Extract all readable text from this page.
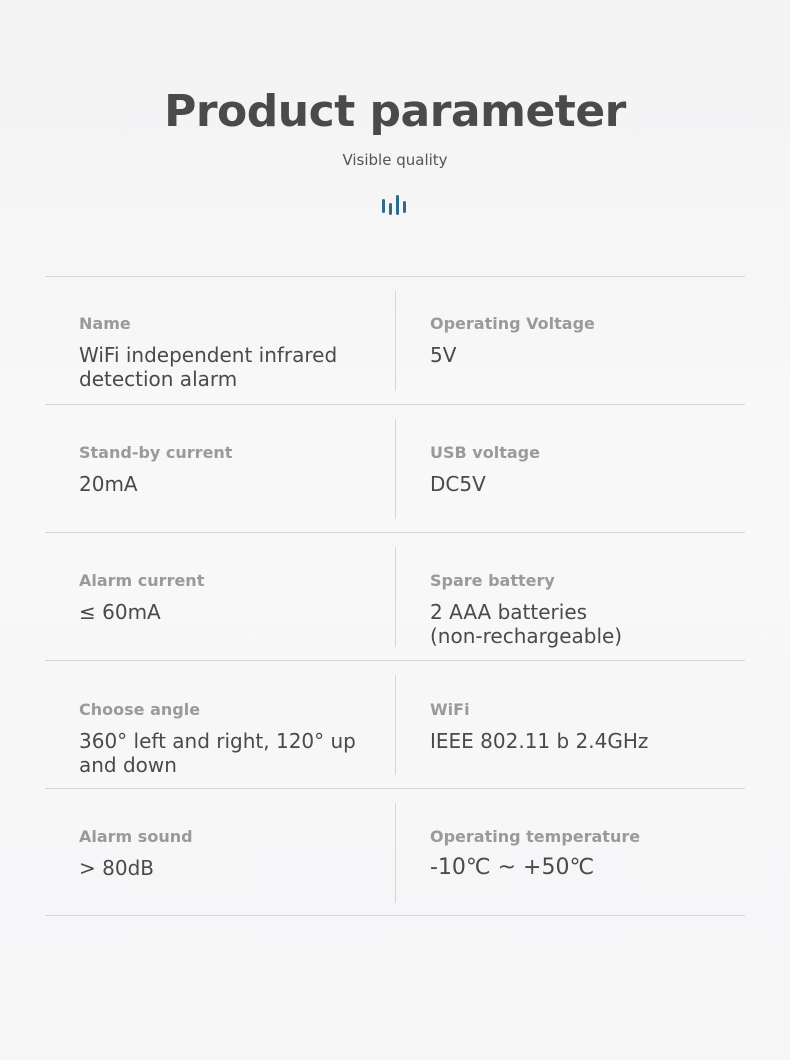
Product parameter
Visible quality
Name
WiFi independent infrared
detection alarm
Operating Voltage
5V
Stand-by current
20mA
USB voltage
DC5V
Alarm current
≤ 60mA
Spare battery
2 AAA batteries
(non-rechargeable)
Choose angle
360° left and right, 120° up
and down
WiFi
IEEE 802.11 b 2.4GHz
Alarm sound
> 80dB
Operating temperature
-10℃ ~ +50℃
